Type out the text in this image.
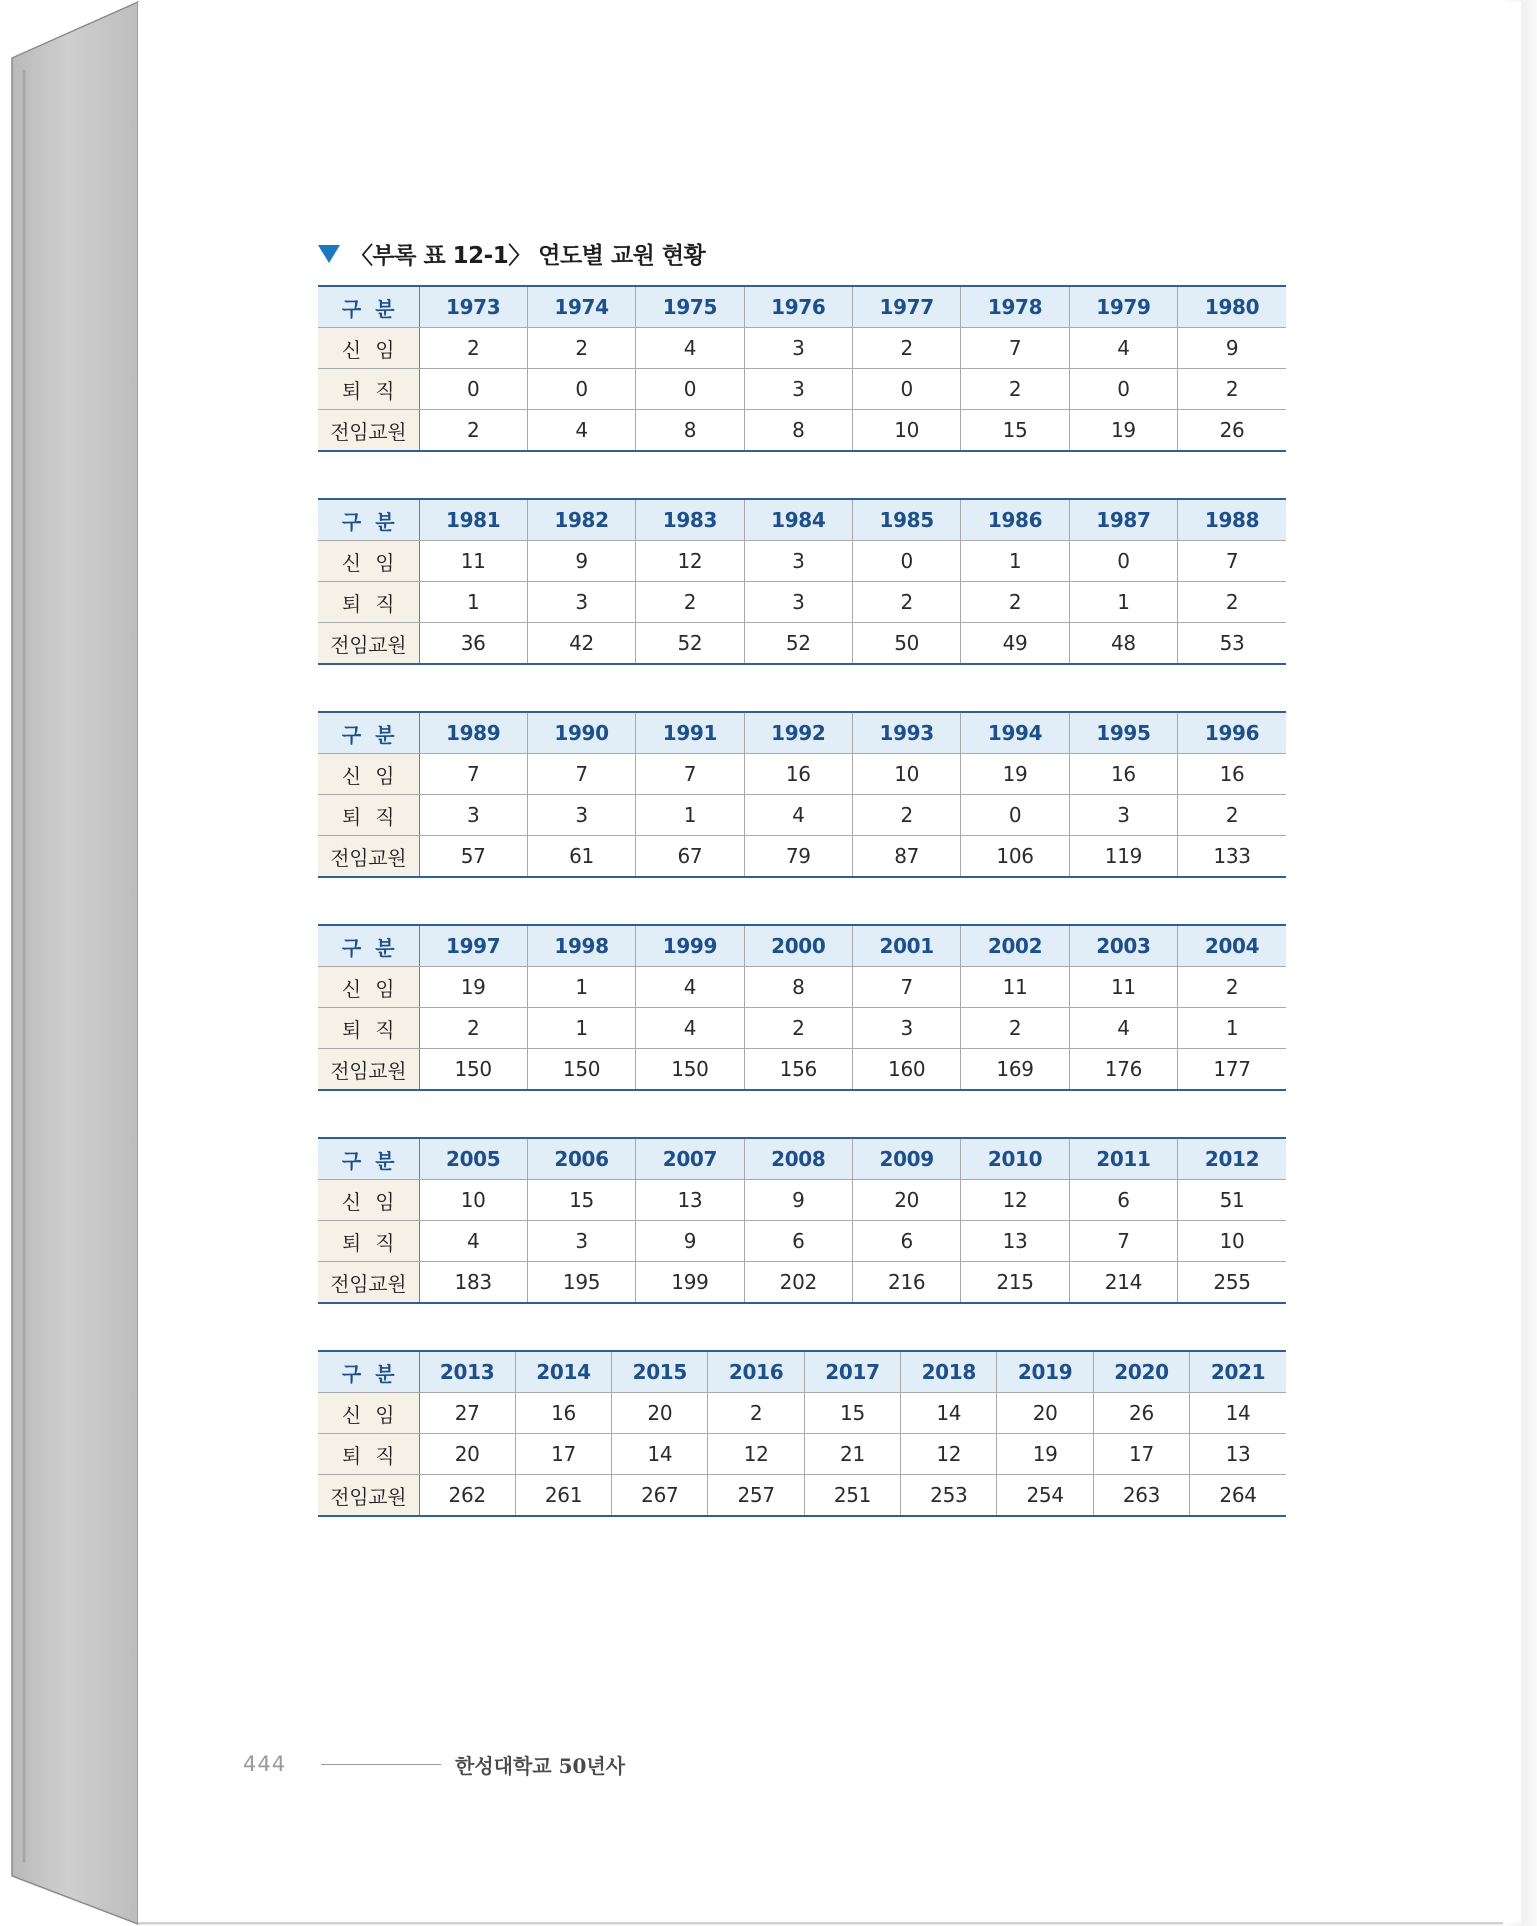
〈부록 표 12-1〉 연도별 교원 현황
구분	1973	1974	1975	1976	1977	1978	1979	1980
신임	2	2	4	3	2	7	4	9
퇴직	0	0	0	3	0	2	0	2
전임교원	2	4	8	8	10	15	19	26
구분	1981	1982	1983	1984	1985	1986	1987	1988
신임	11	9	12	3	0	1	0	7
퇴직	1	3	2	3	2	2	1	2
전임교원	36	42	52	52	50	49	48	53
구분	1989	1990	1991	1992	1993	1994	1995	1996
신임	7	7	7	16	10	19	16	16
퇴직	3	3	1	4	2	0	3	2
전임교원	57	61	67	79	87	106	119	133
구분	1997	1998	1999	2000	2001	2002	2003	2004
신임	19	1	4	8	7	11	11	2
퇴직	2	1	4	2	3	2	4	1
전임교원	150	150	150	156	160	169	176	177
구분	2005	2006	2007	2008	2009	2010	2011	2012
신임	10	15	13	9	20	12	6	51
퇴직	4	3	9	6	6	13	7	10
전임교원	183	195	199	202	216	215	214	255
구분	2013	2014	2015	2016	2017	2018	2019	2020	2021
신임	27	16	20	2	15	14	20	26	14
퇴직	20	17	14	12	21	12	19	17	13
전임교원	262	261	267	257	251	253	254	263	264
444	한성대학교 50년사
